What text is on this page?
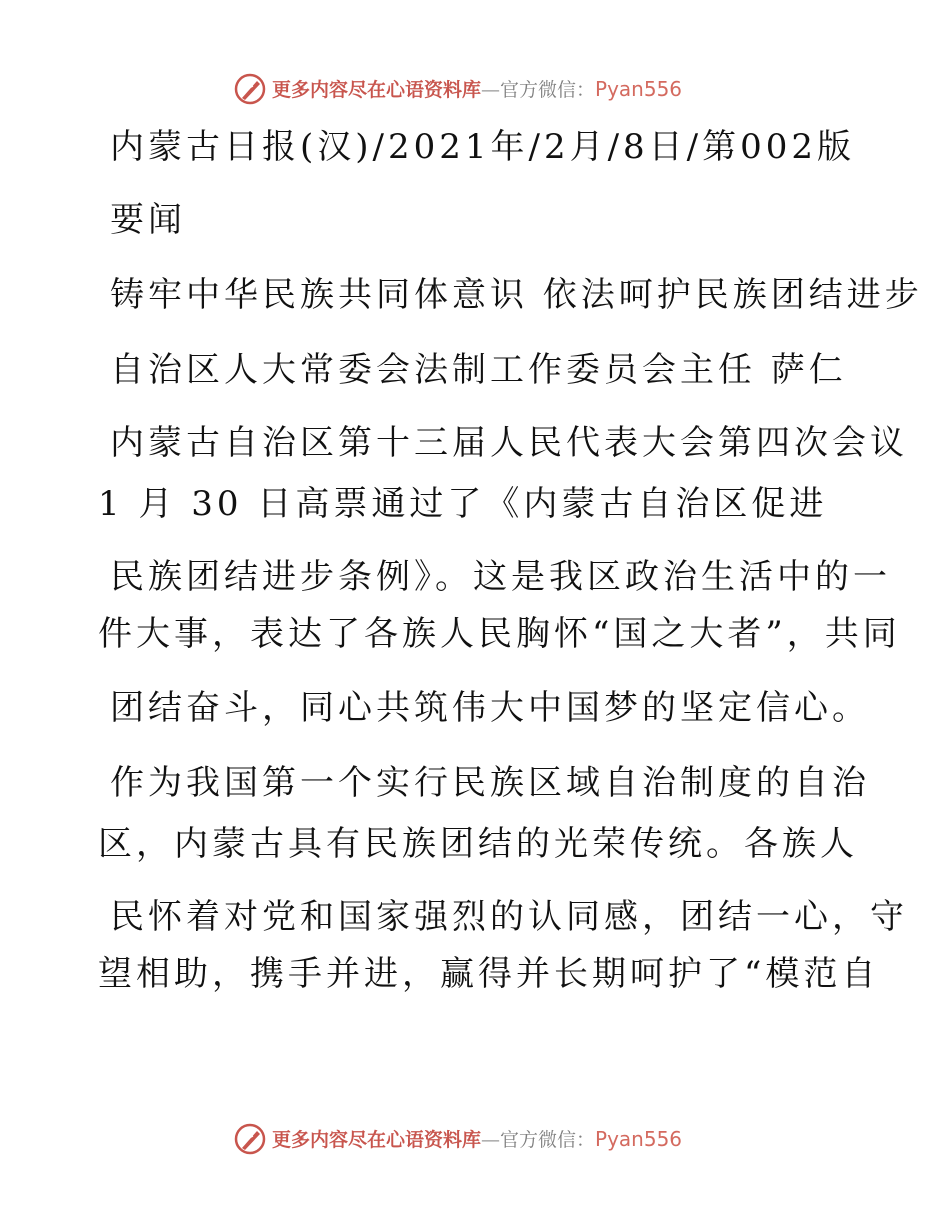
更多内容尽在心语资料库—官方微信：Pyan556
内蒙古日报(汉)/2021年/2月/8日/第002版
要闻
铸牢中华民族共同体意识 依法呵护民族团结进步
自治区人大常委会法制工作委员会主任 萨仁
内蒙古自治区第十三届人民代表大会第四次会议
1 月 30 日高票通过了《内蒙古自治区促进
民族团结进步条例》。这是我区政治生活中的一
件大事，表达了各族人民胸怀“国之大者”，共同
团结奋斗，同心共筑伟大中国梦的坚定信心。
作为我国第一个实行民族区域自治制度的自治
区，内蒙古具有民族团结的光荣传统。各族人
民怀着对党和国家强烈的认同感，团结一心，守
望相助，携手并进，赢得并长期呵护了“模范自
更多内容尽在心语资料库—官方微信：Pyan556
